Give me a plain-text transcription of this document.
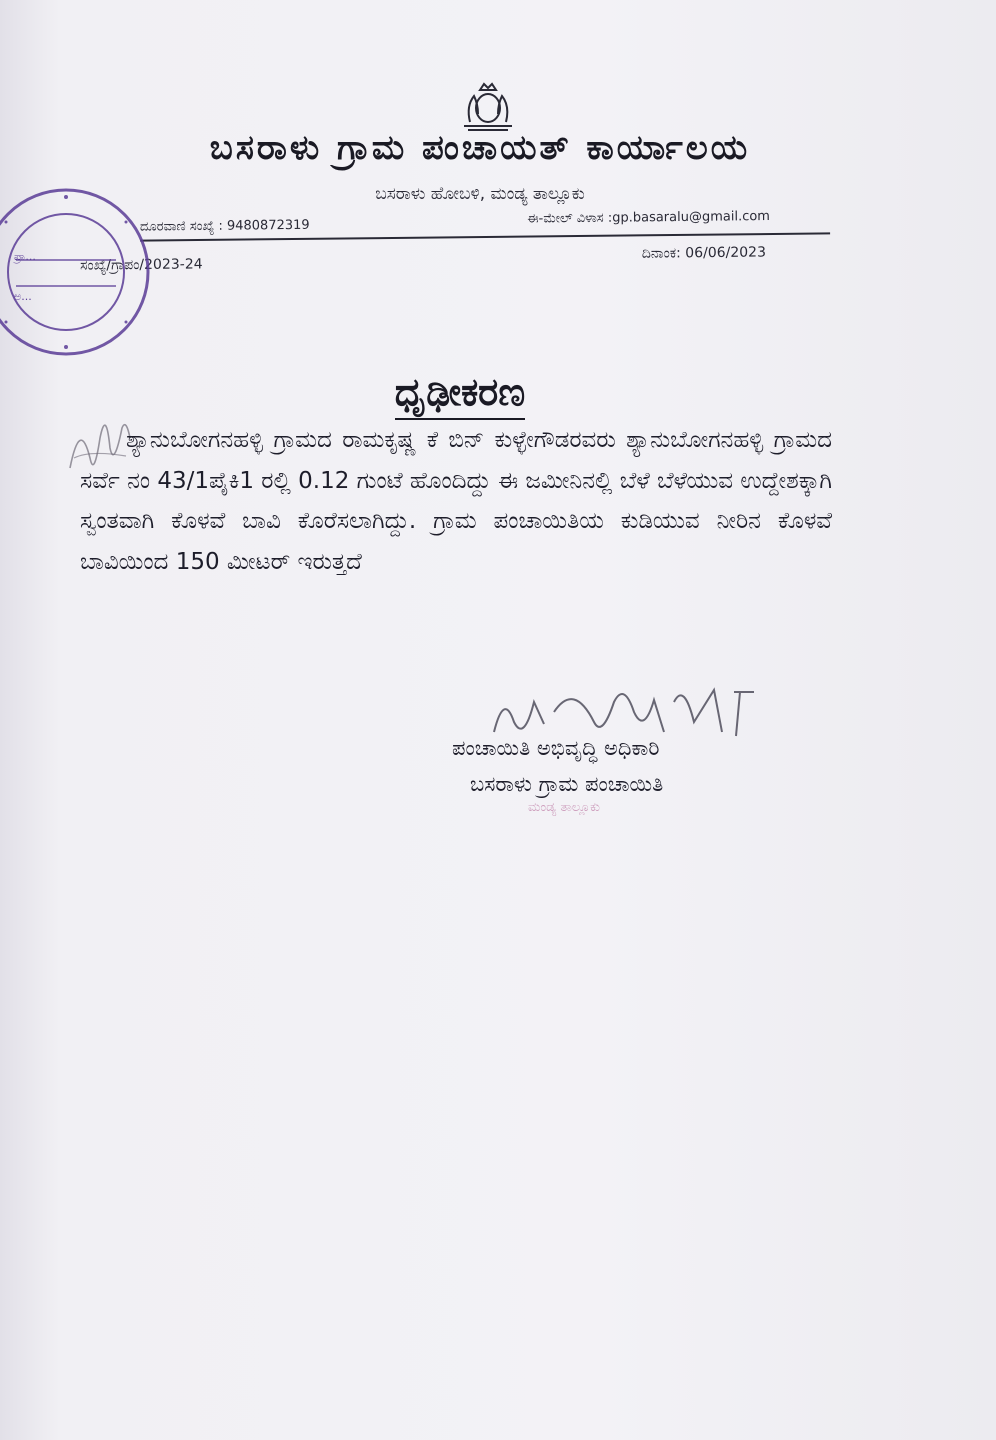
ಬಸರಾಳು ಗ್ರಾಮ ಪಂಚಾಯತ್ ಕಾರ್ಯಾಲಯ
ಬಸರಾಳು ಹೋಬಳಿ, ಮಂಡ್ಯ ತಾಲ್ಲೂಕು
ದೂರವಾಣಿ ಸಂಖ್ಯೆ : 9480872319	ಈ-ಮೇಲ್ ವಿಳಾಸ :gp.basaralu@gmail.com
ಸಂಖ್ಯೆ/ಗ್ರಾಪಂ/2023-24
ದಿನಾಂಕ: 06/06/2023
ಪ್ರಾ...
ಅ...
ಧೃಢೀಕರಣ

ಶ್ಯಾನುಬೋಗನಹಳ್ಳಿ ಗ್ರಾಮದ ರಾಮಕೃಷ್ಣ ಕೆ ಬಿನ್ ಕುಳ್ಳೇಗೌಡರವರು ಶ್ಯಾನುಬೋಗನಹಳ್ಳಿ ಗ್ರಾಮದ ಸರ್ವೆ ನಂ 43/1ಪೈಕಿ1 ರಲ್ಲಿ 0.12 ಗುಂಟೆ ಹೊಂದಿದ್ದು ಈ ಜಮೀನಿನಲ್ಲಿ ಬೆಳೆ ಬೆಳೆಯುವ ಉದ್ದೇಶಕ್ಕಾಗಿ ಸ್ವಂತವಾಗಿ ಕೊಳವೆ ಬಾವಿ ಕೊರೆಸಲಾಗಿದ್ದು. ಗ್ರಾಮ ಪಂಚಾಯಿತಿಯ ಕುಡಿಯುವ ನೀರಿನ ಕೊಳವೆ ಬಾವಿಯಿಂದ 150 ಮೀಟರ್ ಇರುತ್ತದೆ

ಪಂಚಾಯಿತಿ ಅಭಿವೃದ್ಧಿ ಅಧಿಕಾರಿ
ಬಸರಾಳು ಗ್ರಾಮ ಪಂಚಾಯಿತಿ
ಮಂಡ್ಯ ತಾಲ್ಲೂಕು
